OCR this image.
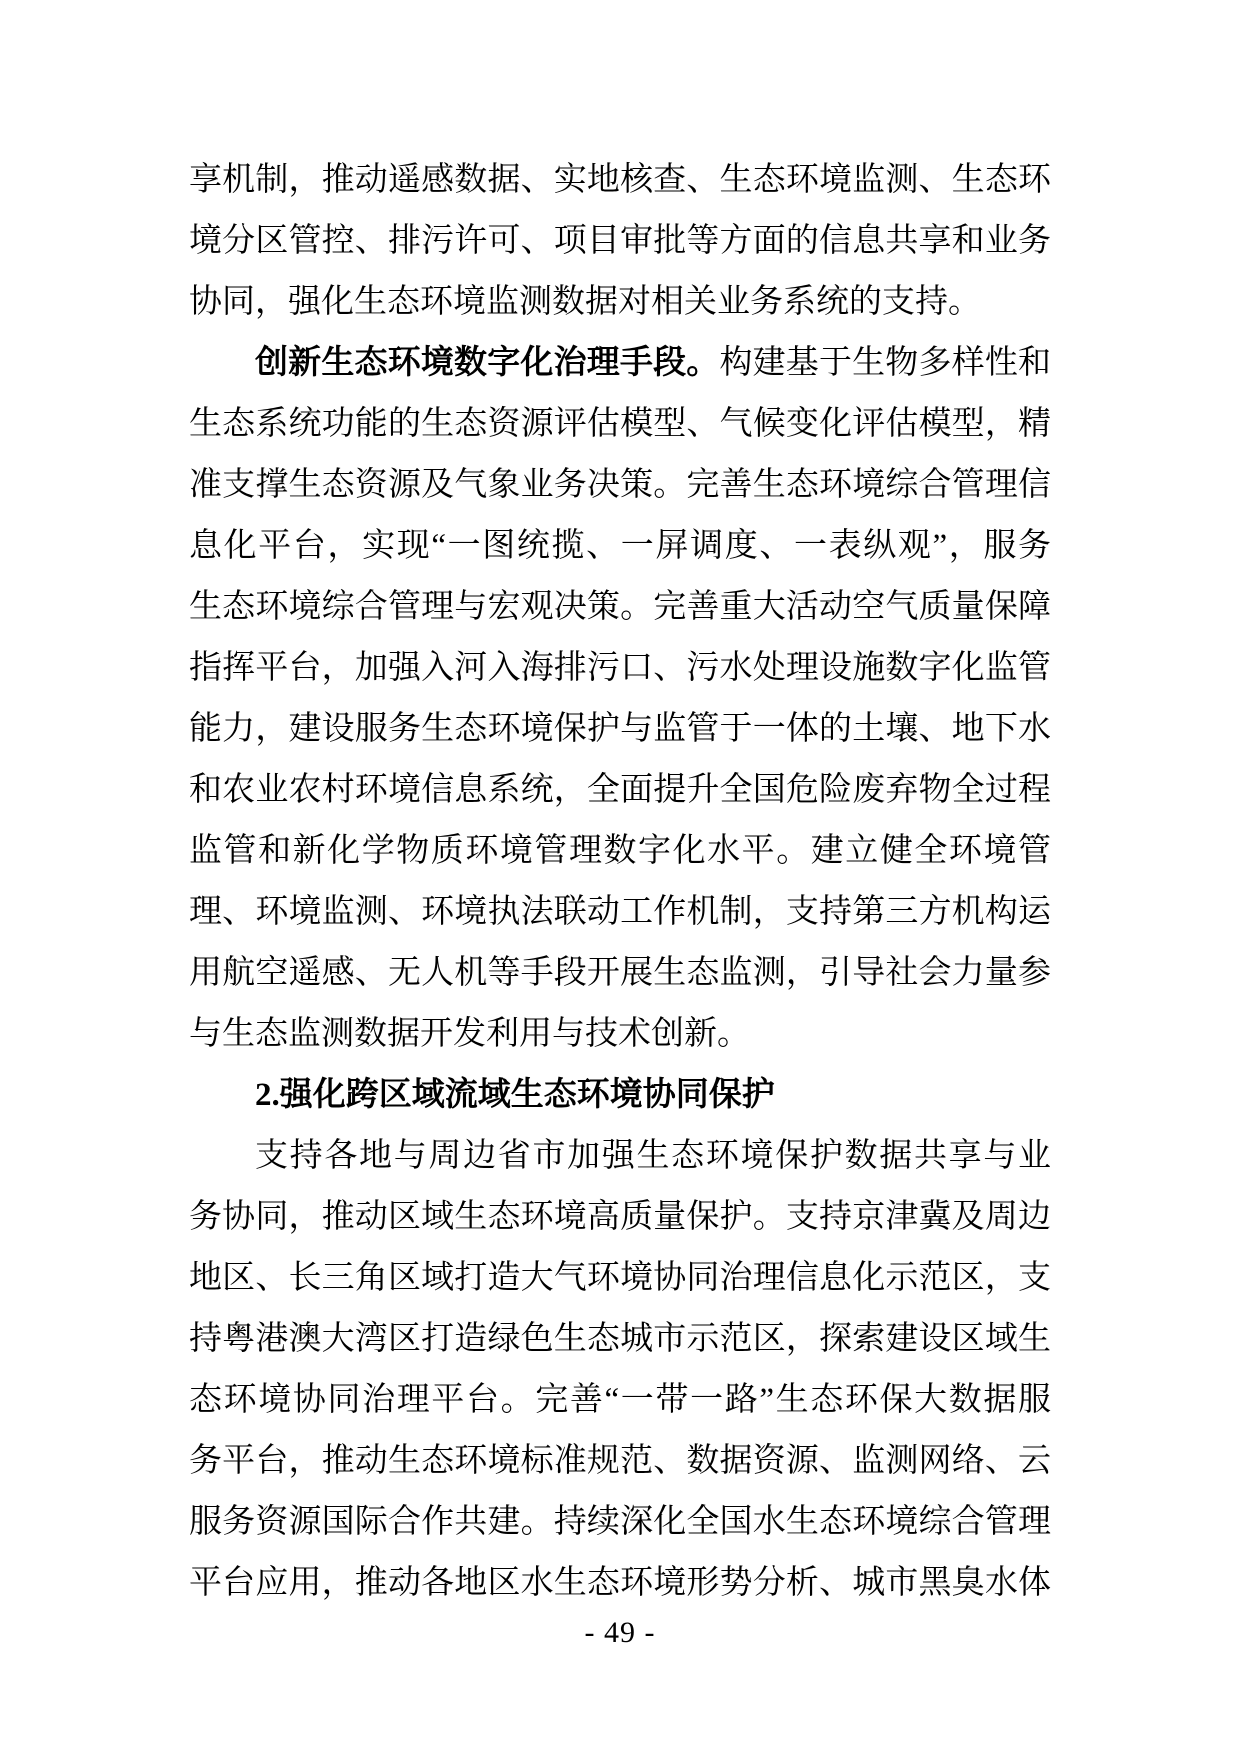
享机制，推动遥感数据、实地核查、生态环境监测、生态环
境分区管控、排污许可、项目审批等方面的信息共享和业务
协同，强化生态环境监测数据对相关业务系统的支持。
创新生态环境数字化治理手段。构建基于生物多样性和
生态系统功能的生态资源评估模型、气候变化评估模型，精
准支撑生态资源及气象业务决策。完善生态环境综合管理信
息化平台，实现“一图统揽、一屏调度、一表纵观”，服务
生态环境综合管理与宏观决策。完善重大活动空气质量保障
指挥平台，加强入河入海排污口、污水处理设施数字化监管
能力，建设服务生态环境保护与监管于一体的土壤、地下水
和农业农村环境信息系统，全面提升全国危险废弃物全过程
监管和新化学物质环境管理数字化水平。建立健全环境管
理、环境监测、环境执法联动工作机制，支持第三方机构运
用航空遥感、无人机等手段开展生态监测，引导社会力量参
与生态监测数据开发利用与技术创新。
2.强化跨区域流域生态环境协同保护
支持各地与周边省市加强生态环境保护数据共享与业
务协同，推动区域生态环境高质量保护。支持京津冀及周边
地区、长三角区域打造大气环境协同治理信息化示范区，支
持粤港澳大湾区打造绿色生态城市示范区，探索建设区域生
态环境协同治理平台。完善“一带一路”生态环保大数据服
务平台，推动生态环境标准规范、数据资源、监测网络、云
服务资源国际合作共建。持续深化全国水生态环境综合管理
平台应用，推动各地区水生态环境形势分析、城市黑臭水体
- 49 -
